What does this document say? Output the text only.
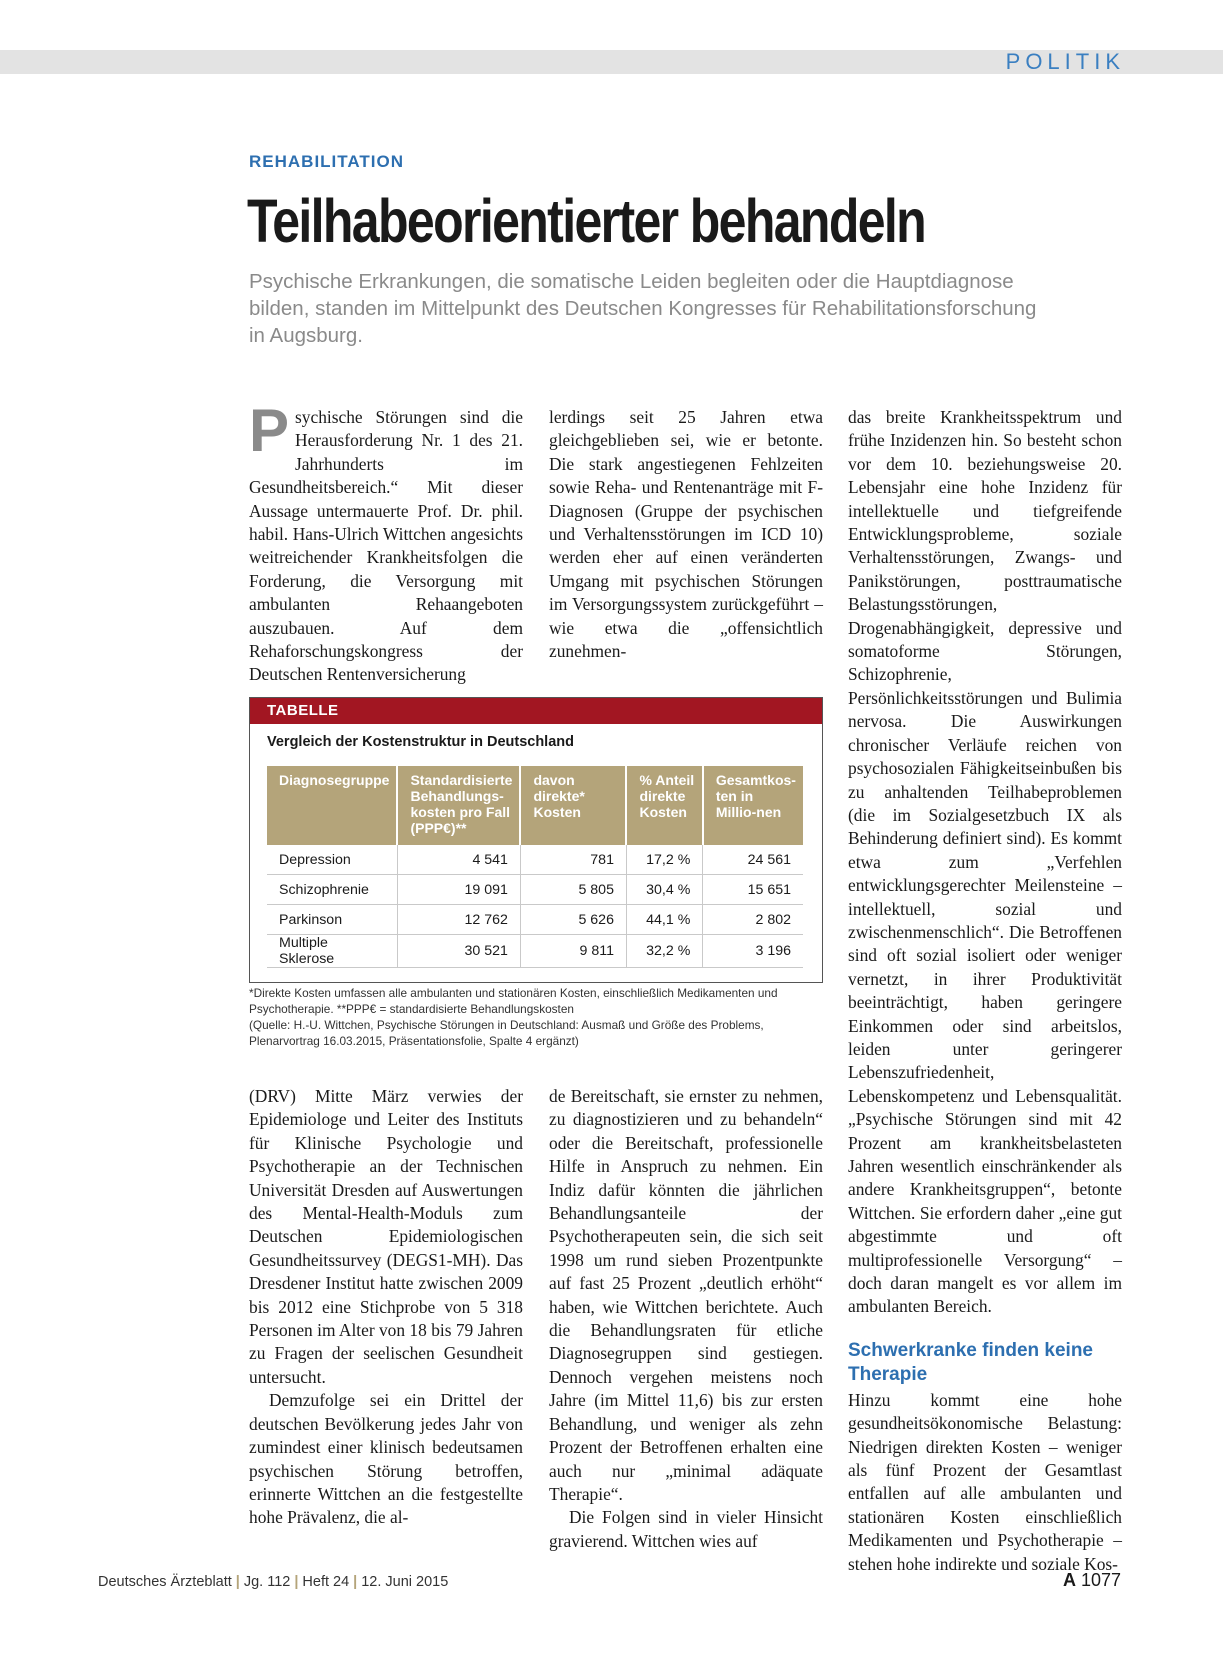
POLITIK
REHABILITATION
Teilhabeorientierter behandeln
Psychische Erkrankungen, die somatische Leiden begleiten oder die Hauptdiagnose bilden, standen im Mittelpunkt des Deutschen Kongresses für Rehabilitationsforschung in Augsburg.

Psychische Störungen sind die Herausforderung Nr. 1 des 21. Jahrhunderts im Gesundheitsbereich.“ Mit dieser Aussage untermauerte Prof. Dr. phil. habil. Hans-Ulrich Wittchen angesichts weitreichender Krankheitsfolgen die Forderung, die Versorgung mit ambulanten Rehaangeboten auszubauen. Auf dem Rehaforschungskongress der Deutschen Rentenversicherung

lerdings seit 25 Jahren etwa gleichgeblieben sei, wie er betonte. Die stark angestiegenen Fehlzeiten sowie Reha- und Rentenanträge mit F-Diagnosen (Gruppe der psychischen und Verhaltensstörungen im ICD 10) werden eher auf einen veränderten Umgang mit psychischen Störungen im Versorgungssystem zurückgeführt – wie etwa die „offensichtlich zunehmen-

TABELLE
Vergleich der Kostenstruktur in Deutschland
Diagnosegruppe	Standardisierte Behandlungs-kosten pro Fall (PPP€)**	davon direkte* Kosten	% Anteil direkte Kosten	Gesamtkos-ten in Millio-nen
Depression	4 541	781	17,2 %	24 561
Schizophrenie	19 091	5 805	30,4 %	15 651
Parkinson	12 762	5 626	44,1 %	2 802
Multiple Sklerose	30 521	9 811	32,2 %	3 196
*Direkte Kosten umfassen alle ambulanten und stationären Kosten, einschließlich Medikamenten und Psychotherapie. **PPP€ = standardisierte Behandlungskosten
(Quelle: H.-U. Wittchen, Psychische Störungen in Deutschland: Ausmaß und Größe des Problems, Plenarvortrag 16.03.2015, Präsentationsfolie, Spalte 4 ergänzt)

(DRV) Mitte März verwies der Epidemiologe und Leiter des Instituts für Klinische Psychologie und Psychotherapie an der Technischen Universität Dresden auf Auswertungen des Mental-Health-Moduls zum Deutschen Epidemiologischen Gesundheitssurvey (DEGS1-MH). Das Dresdener Institut hatte zwischen 2009 bis 2012 eine Stichprobe von 5 318 Personen im Alter von 18 bis 79 Jahren zu Fragen der seelischen Gesundheit untersucht.

Demzufolge sei ein Drittel der deutschen Bevölkerung jedes Jahr von zumindest einer klinisch bedeutsamen psychischen Störung betroffen, erinnerte Wittchen an die festgestellte hohe Prävalenz, die al-

de Bereitschaft, sie ernster zu nehmen, zu diagnostizieren und zu behandeln“ oder die Bereitschaft, professionelle Hilfe in Anspruch zu nehmen. Ein Indiz dafür könnten die jährlichen Behandlungsanteile der Psychotherapeuten sein, die sich seit 1998 um rund sieben Prozentpunkte auf fast 25 Prozent „deutlich erhöht“ haben, wie Wittchen berichtete. Auch die Behandlungsraten für etliche Diagnosegruppen sind gestiegen. Dennoch vergehen meistens noch Jahre (im Mittel 11,6) bis zur ersten Behandlung, und weniger als zehn Prozent der Betroffenen erhalten eine auch nur „minimal adäquate Therapie“.

Die Folgen sind in vieler Hinsicht gravierend. Wittchen wies auf

das breite Krankheitsspektrum und frühe Inzidenzen hin. So besteht schon vor dem 10. beziehungsweise 20. Lebensjahr eine hohe Inzidenz für intellektuelle und tiefgreifende Entwicklungsprobleme, soziale Verhaltensstörungen, Zwangs- und Panikstörungen, posttraumatische Belastungsstörungen, Drogenabhängigkeit, depressive und somatoforme Störungen, Schizophrenie, Persönlichkeitsstörungen und Bulimia nervosa. Die Auswirkungen chronischer Verläufe reichen von psychosozialen Fähigkeitseinbußen bis zu anhaltenden Teilhabeproblemen (die im Sozialgesetzbuch IX als Behinderung definiert sind). Es kommt etwa zum „Verfehlen entwicklungsgerechter Meilensteine – intellektuell, sozial und zwischenmenschlich“. Die Betroffenen sind oft sozial isoliert oder weniger vernetzt, in ihrer Produktivität beeinträchtigt, haben geringere Einkommen oder sind arbeitslos, leiden unter geringerer Lebenszufriedenheit, Lebenskompetenz und Lebensqualität. „Psychische Störungen sind mit 42 Prozent am krankheitsbelasteten Jahren wesentlich einschränkender als andere Krankheitsgruppen“, betonte Wittchen. Sie erfordern daher „eine gut abgestimmte und oft multiprofessionelle Versorgung“ – doch daran mangelt es vor allem im ambulanten Bereich.

Schwerkranke finden keine Therapie

Hinzu kommt eine hohe gesundheitsökonomische Belastung: Niedrigen direkten Kosten – weniger als fünf Prozent der Gesamtlast entfallen auf alle ambulanten und stationären Kosten einschließlich Medikamenten und Psychotherapie – stehen hohe indirekte und soziale Kos-

Deutsches Ärzteblatt | Jg. 112 | Heft 24 | 12. Juni 2015	A 1077
